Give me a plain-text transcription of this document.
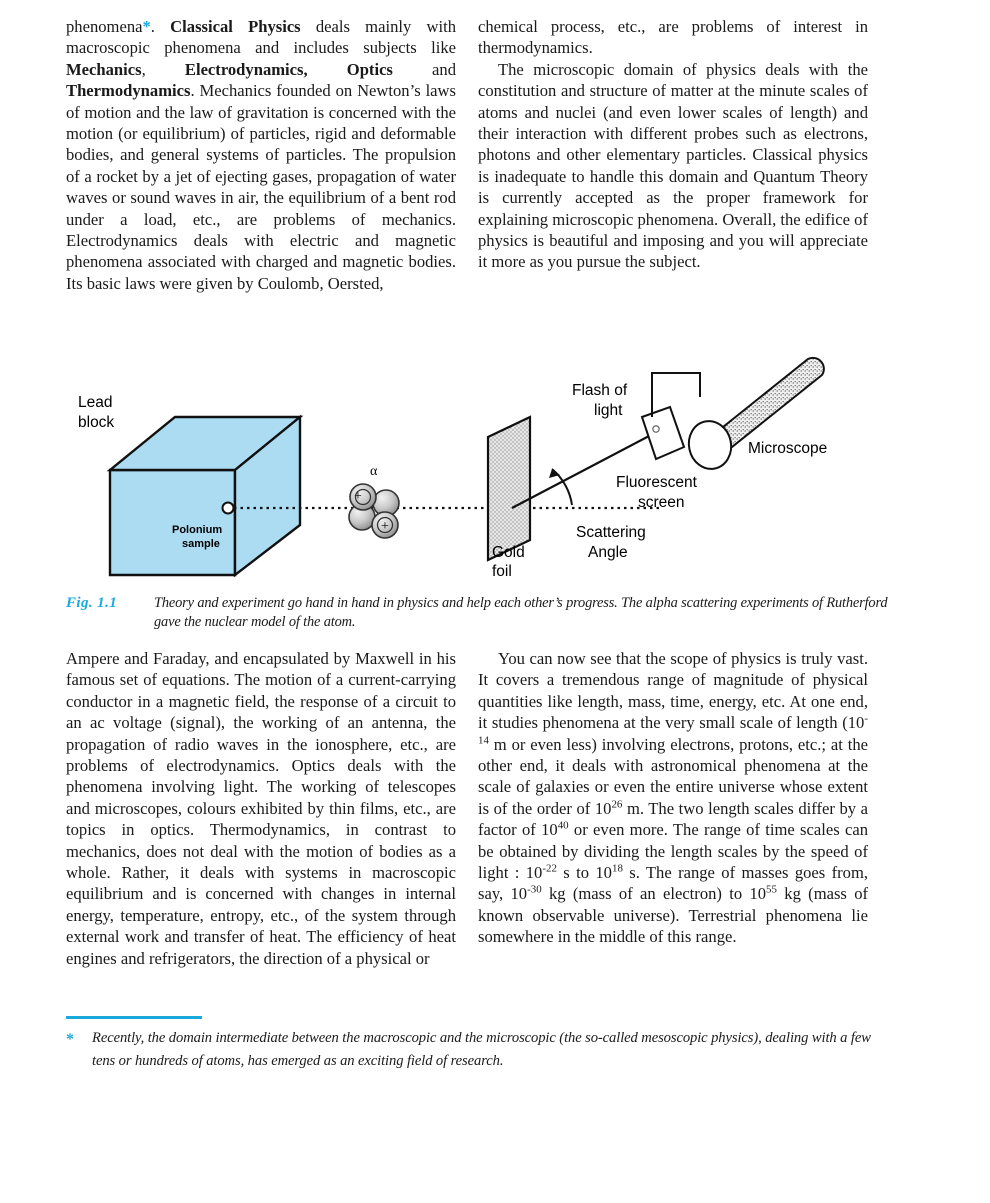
phenomena*. Classical Physics deals mainly with macroscopic phenomena and includes subjects like Mechanics, Electrodynamics, Optics and Thermodynamics. Mechanics founded on Newton’s laws of motion and the law of gravitation is concerned with the motion (or equilibrium) of particles, rigid and deformable bodies, and general systems of particles. The propulsion of a rocket by a jet of ejecting gases, propagation of water waves or sound waves in air, the equilibrium of a bent rod under a load, etc., are problems of mechanics. Electrodynamics deals with electric and magnetic phenomena associated with charged and magnetic bodies. Its basic laws were given by Coulomb, Oersted,

chemical process, etc., are problems of interest in thermodynamics.

The microscopic domain of physics deals with the constitution and structure of matter at the minute scales of atoms and nuclei (and even lower scales of length) and their interaction with different probes such as electrons, photons and other elementary particles. Classical physics is inadequate to handle this domain and Quantum Theory is currently accepted as the proper framework for explaining microscopic phenomena. Overall, the edifice of physics is beautiful and imposing and you will appreciate it more as you pursue the subject.

Lead
block
Polonium
sample
+
+
α
Gold
foil
Scattering
Angle
Flash of
light
Fluorescent
screen
Microscope
Fig. 1.1	Theory and experiment go hand in hand in physics and help each other’s progress. The alpha scattering experiments of Rutherford gave the nuclear model of the atom.

Ampere and Faraday, and encapsulated by Maxwell in his famous set of equations. The motion of a current-carrying conductor in a magnetic field, the response of a circuit to an ac voltage (signal), the working of an antenna, the propagation of radio waves in the ionosphere, etc., are problems of electrodynamics. Optics deals with the phenomena involving light. The working of telescopes and microscopes, colours exhibited by thin films, etc., are topics in optics. Thermodynamics, in contrast to mechanics, does not deal with the motion of bodies as a whole. Rather, it deals with systems in macroscopic equilibrium and is concerned with changes in internal energy, temperature, entropy, etc., of the system through external work and transfer of heat. The efficiency of heat engines and refrigerators, the direction of a physical or

You can now see that the scope of physics is truly vast. It covers a tremendous range of magnitude of physical quantities like length, mass, time, energy, etc. At one end, it studies phenomena at the very small scale of length ($10^{-14}$ m or even less) involving electrons, protons, etc.; at the other end, it deals with astronomical phenomena at the scale of galaxies or even the entire universe whose extent is of the order of $10^{26}$ m. The two length scales differ by a factor of $10^{40}$ or even more. The range of time scales can be obtained by dividing the length scales by the speed of light : $10^{-22}$ s to $10^{18}$ s. The range of masses goes from, say, $10^{-30}$ kg (mass of an electron) to $10^{55}$ kg (mass of known observable universe). Terrestrial phenomena lie somewhere in the middle of this range.

* Recently, the domain intermediate between the macroscopic and the microscopic (the so-called mesoscopic physics), dealing with a few tens or hundreds of atoms, has emerged as an exciting field of research.
